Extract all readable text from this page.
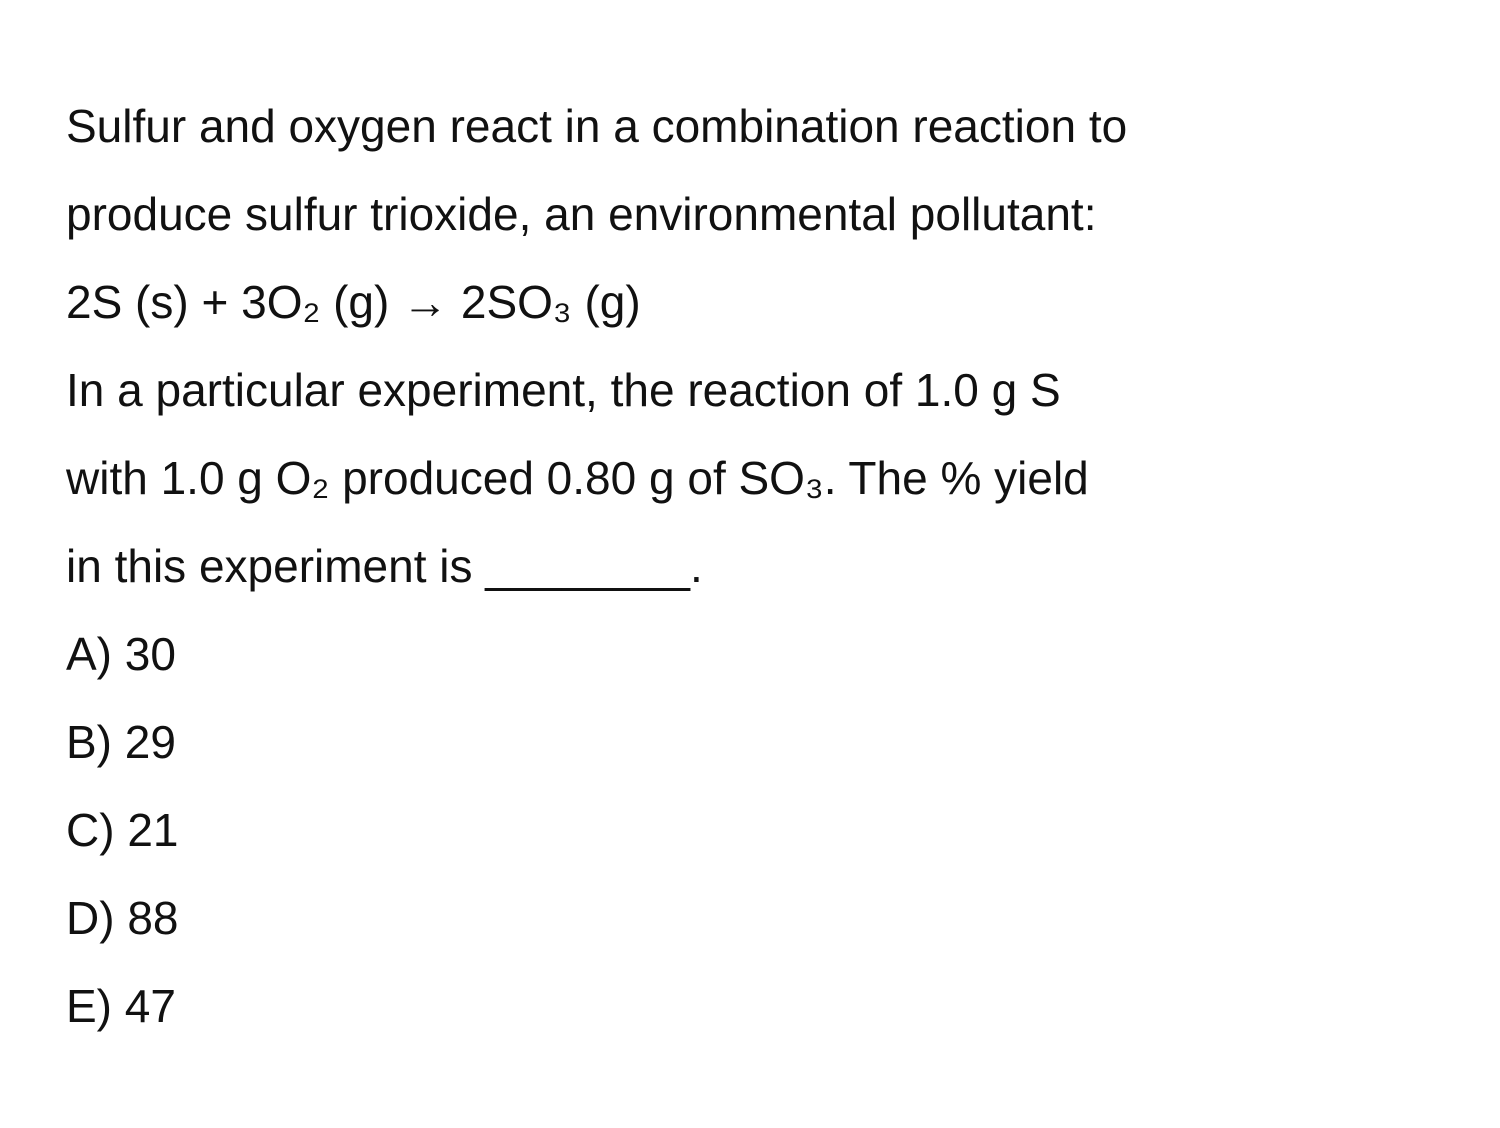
Sulfur and oxygen react in a combination reaction to
produce sulfur trioxide, an environmental pollutant:
2S (s) + 3O₂ (g) → 2SO₃ (g)
In a particular experiment, the reaction of 1.0 g S
with 1.0 g O₂ produced 0.80 g of SO₃. The % yield
in this experiment is ________.
A) 30
B) 29
C) 21
D) 88
E) 47
